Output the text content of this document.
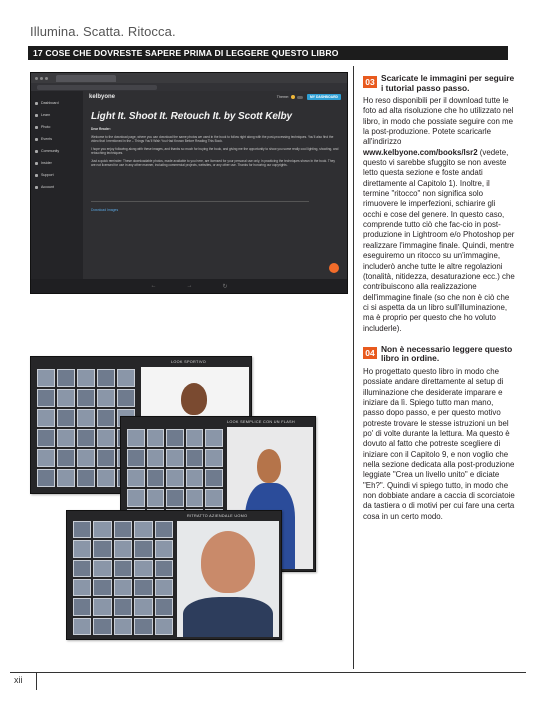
Illumina. Scatta. Ritocca.
17 COSE CHE DOVRESTE SAPERE PRIMA DI LEGGERE QUESTO LIBRO
Dashboard
Learn
Photo
Events
Community
Insider
Support
Account
kelbyone	Theme:	MY DASHBOARD
Light It. Shoot It. Retouch It. by Scott Kelby

Dear Reader:

Welcome to the download page, where you can download the same photos we used in the book to follow right along with the post-processing techniques. You'll also find the video that I mentioned in the – Things You'll Wish You Had Known Before Reading This Book.

I hope you enjoy following along with these images, and thanks so much for buying the book, and giving me the opportunity to show you some really cool lighting, shooting, and retouching techniques.

Just a quick reminder: These downloadable photos, made available to you here, are licensed for your personal use only, in practicing the techniques shown in the book. They are not licensed for use in any other manner, including commercial projects, websites, or any other use. Thanks for honoring our copyrights.

Download Images
←	→	↻
LOOK SPORTIVO
LOOK SEMPLICE CON UN FLASH
RITRATTO AZIENDALE UOMO
03 Scaricate le immagini per seguire i tutorial passo passo.

Ho reso disponibili per il download tutte le foto ad alta risoluzione che ho utilizzato nel libro, in modo che possiate seguire con me la post-produzione. Potete scaricarle all'indirizzo www.kelbyone.com/books/lsr2 (vedete, questo vi sarebbe sfuggito se non aveste letto questa sezione e foste andati direttamente al Capitolo 1). Inoltre, il termine "ritocco" non significa solo rimuovere le imperfezioni, schiarire gli occhi e cose del genere. In questo caso, comprende tutto ciò che fac-cio in post-produzione in Lightroom e/o Photoshop per realizzare l'immagine finale. Quindi, mentre eseguiremo un ritocco su un'immagine, includerò anche tutte le altre regolazioni (tonalità, nitidezza, desaturazione ecc.) che contribuiscono alla realizzazione dell'immagine finale (so che non è ciò che ci si aspetta da un libro sull'illuminazione, ma è proprio per questo che ho voluto includerle).

04 Non è necessario leggere questo libro in ordine.

Ho progettato questo libro in modo che possiate andare direttamente al setup di illuminazione che desiderate imparare e iniziare da lì. Spiego tutto man mano, passo dopo passo, e per questo motivo potreste trovare le stesse istruzioni un bel po' di volte durante la lettura. Ma questo è dovuto al fatto che potreste scegliere di iniziare con il Capitolo 9, e non voglio che nella sezione dedicata alla post-produzione leggiate "Crea un livello unito" e diciate "Eh?". Quindi vi spiego tutto, in modo che non dobbiate andare a caccia di scorciatoie da tastiera o di motivi per cui fare una certa cosa in un certo modo.

xii
